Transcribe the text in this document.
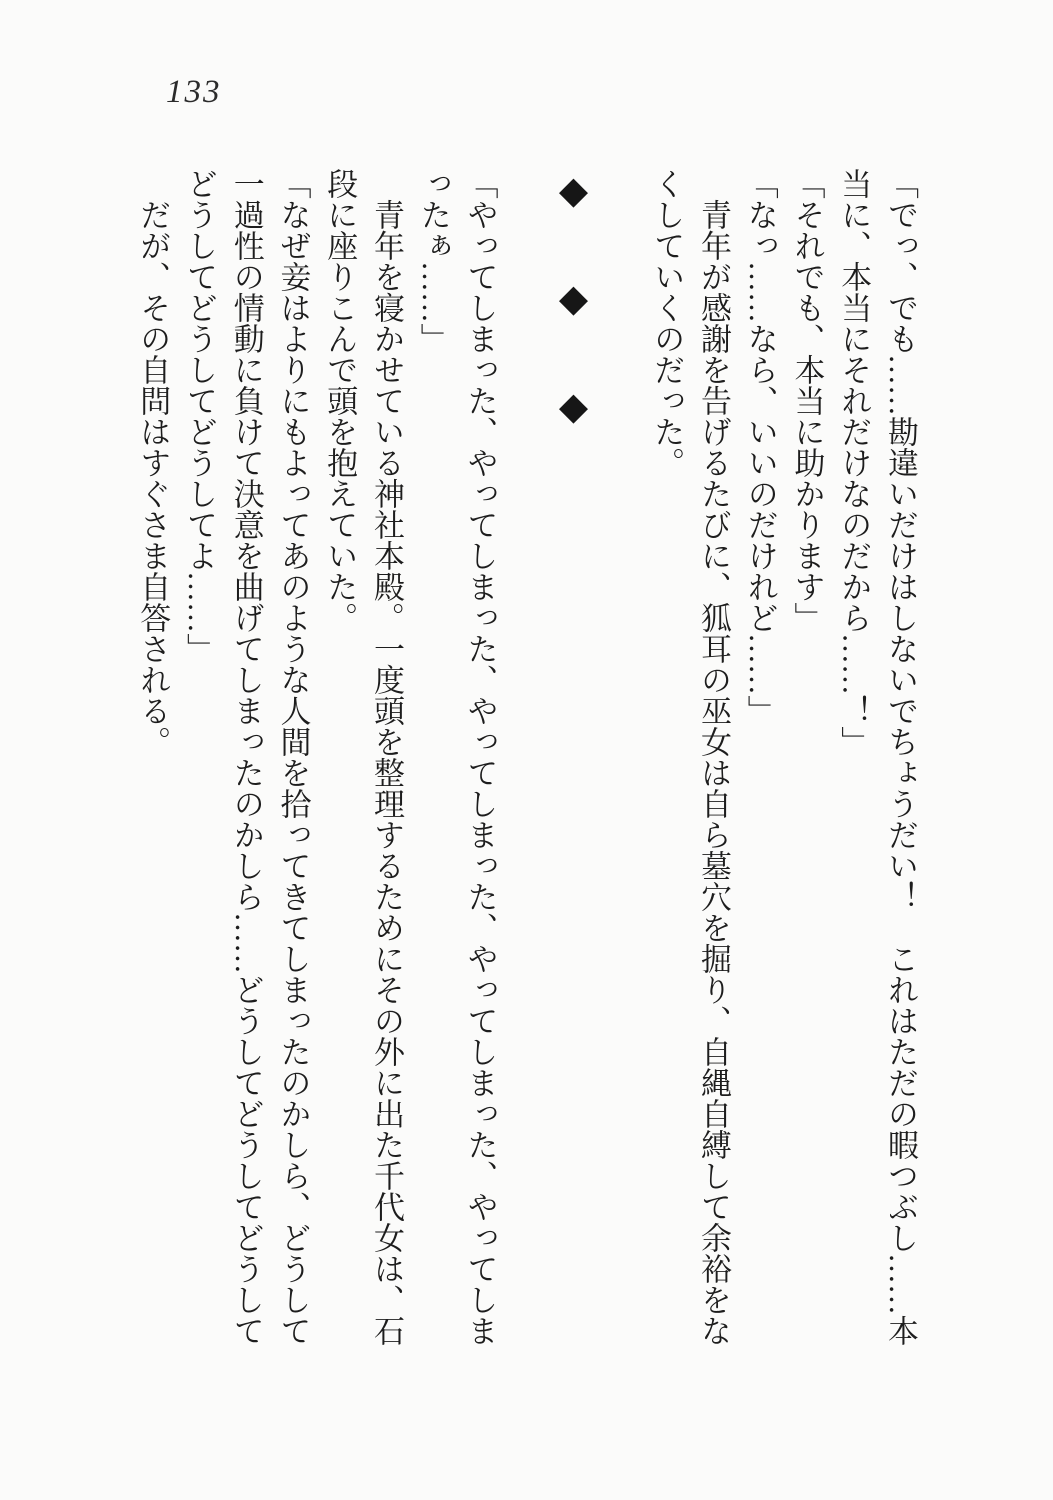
133

「でっ、でも……勘違いだけはしないでちょうだい！　これはただの暇つぶし……本当に、本当にそれだけなのだから……！」

「それでも、本当に助かります」

「なっ……なら、いいのだけれど……」

青年が感謝を告げるたびに、狐耳の巫女は自ら墓穴を掘り、自縄自縛して余裕をなくしていくのだった。

◆　◆　◆

「やってしまった、やってしまった、やってしまった、やってしまった、やってしまったぁ……」

青年を寝かせている神社本殿。一度頭を整理するためにその外に出た千代女は、石段に座りこんで頭を抱えていた。

「なぜ妾はよりにもよってあのような人間を拾ってきてしまったのかしら、どうして一過性の情動に負けて決意を曲げてしまったのかしら……どうしてどうしてどうしてどうしてどうしてどうしてよ……」

だが、その自問はすぐさま自答される。
